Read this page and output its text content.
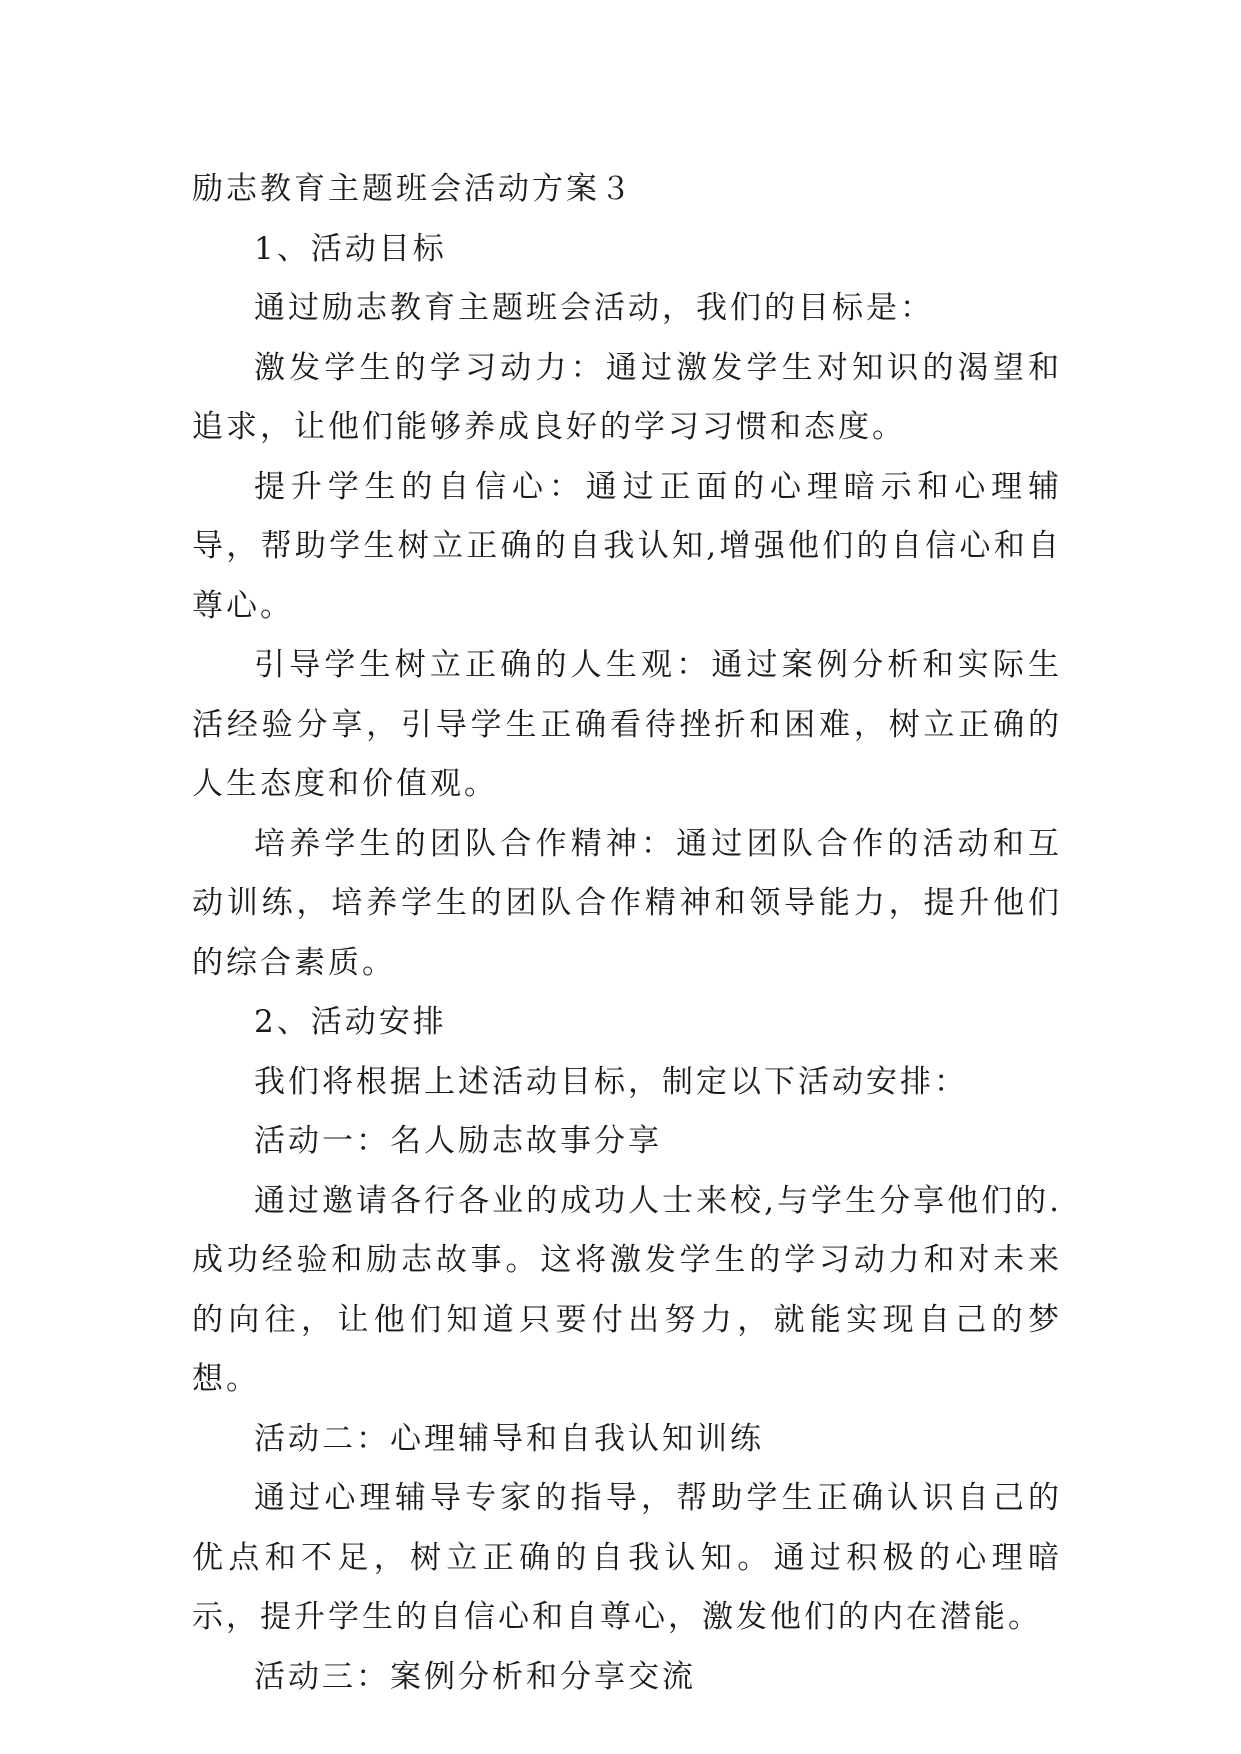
励志教育主题班会活动方案３

1、活动目标

通过励志教育主题班会活动，我们的目标是：

激发学生的学习动力：通过激发学生对知识的渴望和追求，让他们能够养成良好的学习习惯和态度。

提升学生的自信心：通过正面的心理暗示和心理辅导，帮助学生树立正确的自我认知,增强他们的自信心和自尊心。

引导学生树立正确的人生观：通过案例分析和实际生活经验分享，引导学生正确看待挫折和困难，树立正确的人生态度和价值观。

培养学生的团队合作精神：通过团队合作的活动和互动训练，培养学生的团队合作精神和领导能力，提升他们的综合素质。

2、活动安排

我们将根据上述活动目标，制定以下活动安排：

活动一：名人励志故事分享

通过邀请各行各业的成功人士来校,与学生分享他们的.成功经验和励志故事。这将激发学生的学习动力和对未来的向往，让他们知道只要付出努力，就能实现自己的梦想。

活动二：心理辅导和自我认知训练

通过心理辅导专家的指导，帮助学生正确认识自己的优点和不足，树立正确的自我认知。通过积极的心理暗示，提升学生的自信心和自尊心，激发他们的内在潜能。

活动三：案例分析和分享交流
